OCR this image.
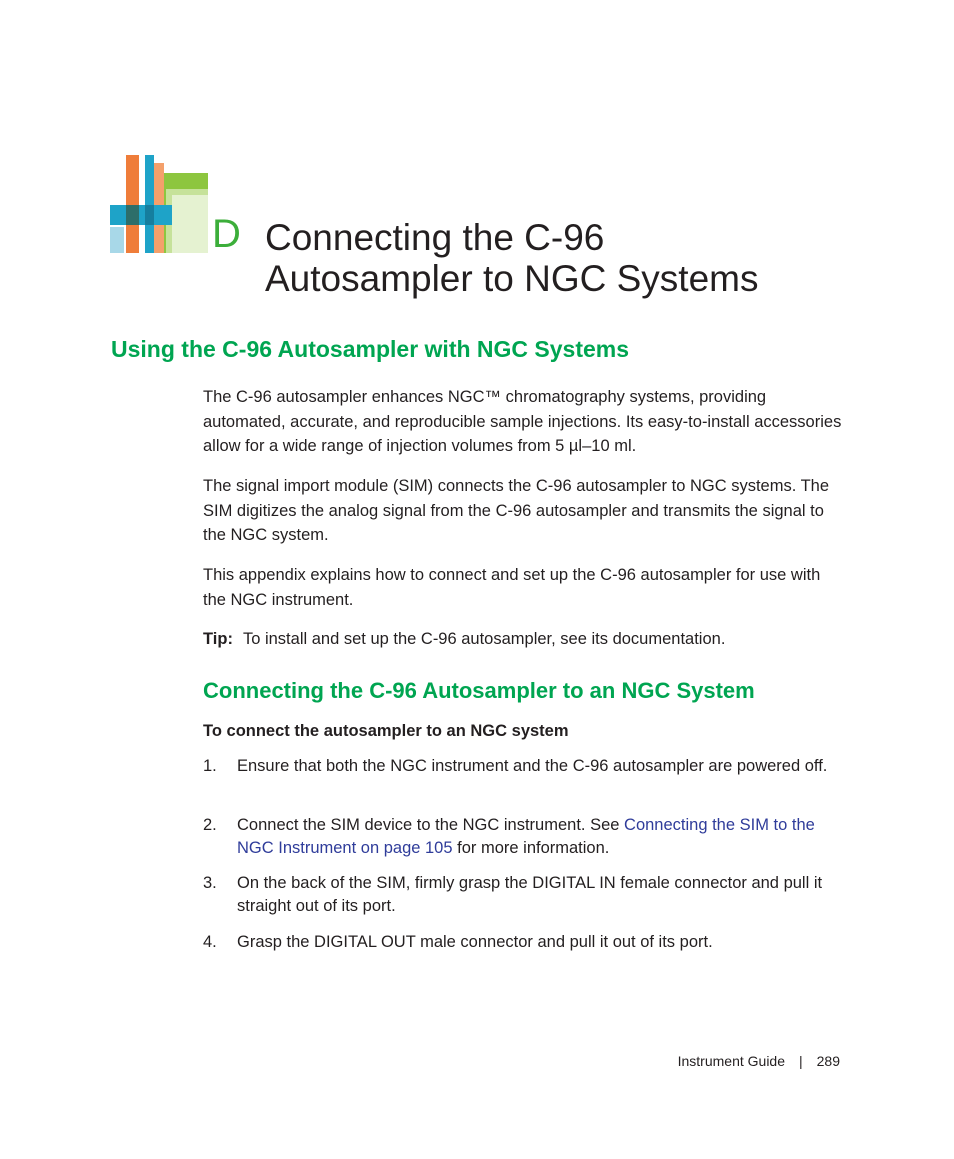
D Connecting the C-96
Autosampler to NGC Systems
Using the C-96 Autosampler with NGC Systems

The C-96 autosampler enhances NGC™ chromatography systems, providing automated, accurate, and reproducible sample injections. Its easy-to-install accessories allow for a wide range of injection volumes from 5 µl–10 ml.

The signal import module (SIM) connects the C-96 autosampler to NGC systems. The SIM digitizes the analog signal from the C-96 autosampler and transmits the signal to the NGC system.

This appendix explains how to connect and set up the C-96 autosampler for use with the NGC instrument.

Tip: To install and set up the C-96 autosampler, see its documentation.

Connecting the C-96 Autosampler to an NGC System
To connect the autosampler to an NGC system
1.	Ensure that both the NGC instrument and the C-96 autosampler are powered off.
2.	Connect the SIM device to the NGC instrument. See Connecting the SIM to the NGC Instrument on page 105 for more information.
3.	On the back of the SIM, firmly grasp the DIGITAL IN female connector and pull it straight out of its port.
4.	Grasp the DIGITAL OUT male connector and pull it out of its port.
Instrument Guide | 289
